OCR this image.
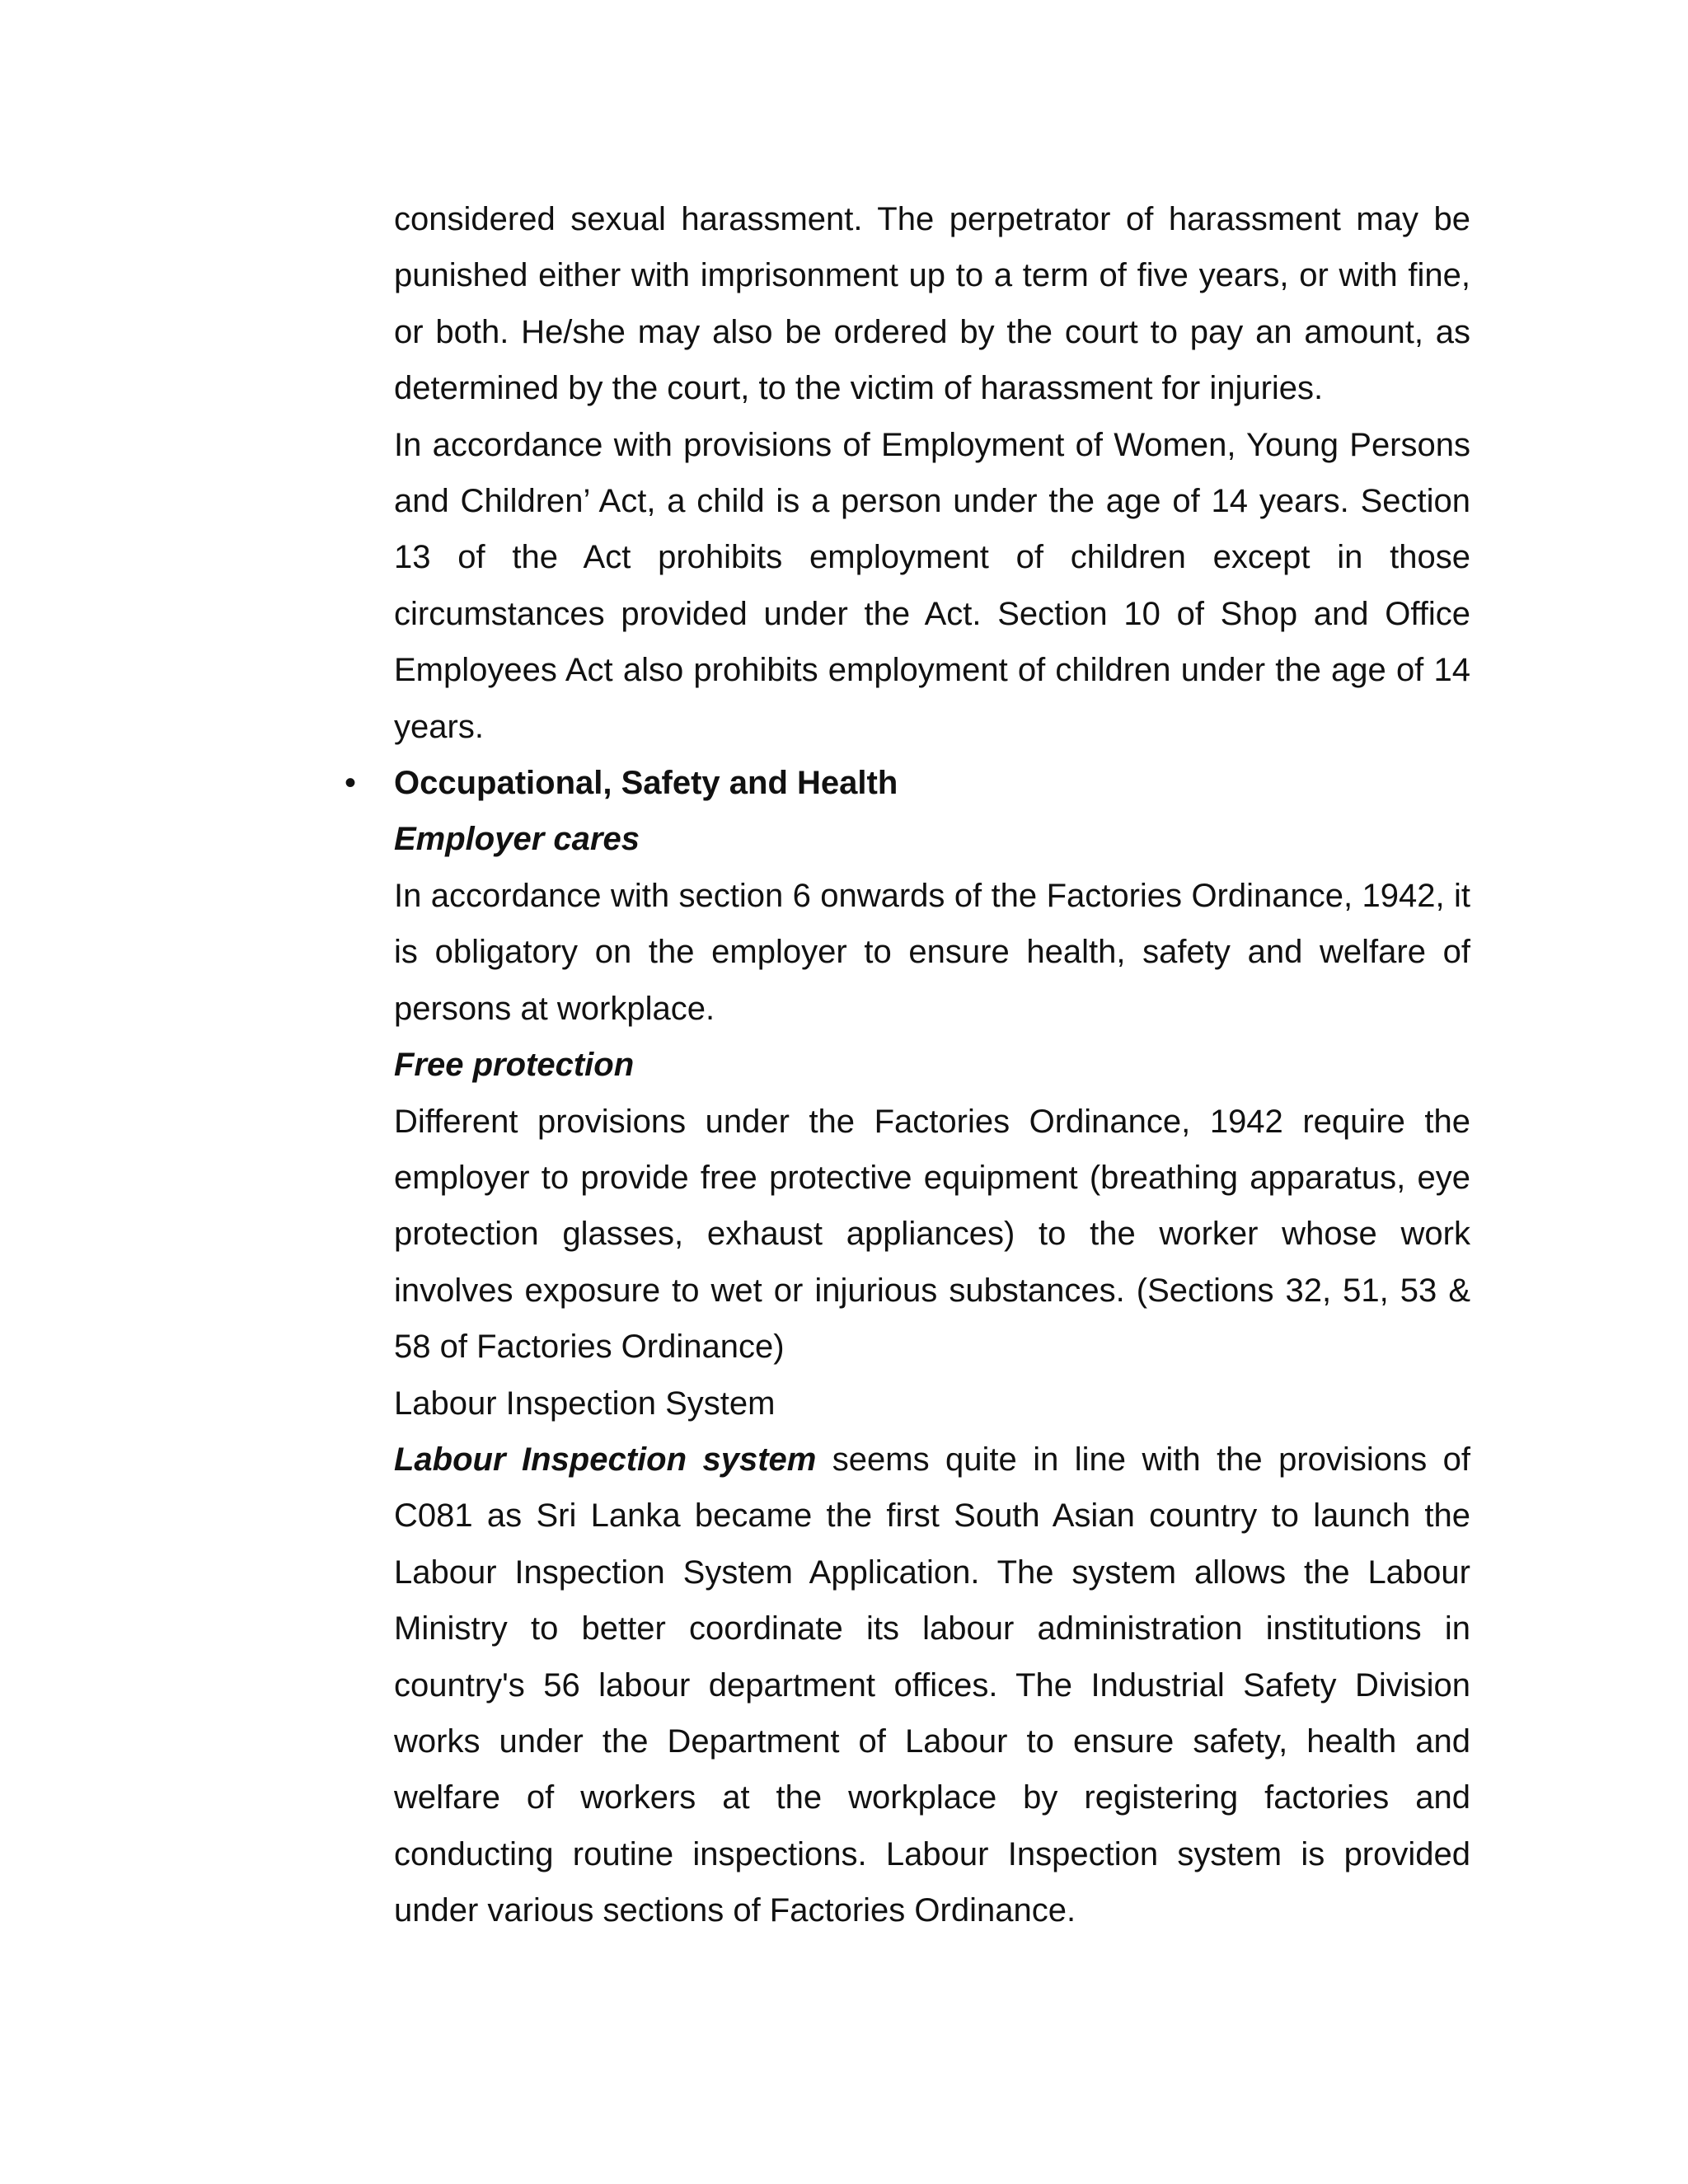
considered sexual harassment. The perpetrator of harassment may be punished either with imprisonment up to a term of five years, or with fine, or both. He/she may also be ordered by the court to pay an amount, as determined by the court, to the victim of harassment for injuries.

In accordance with provisions of Employment of Women, Young Persons and Children’ Act, a child is a person under the age of 14 years. Section 13 of the Act prohibits employment of children except in those circumstances provided under the Act. Section 10 of Shop and Office Employees Act also prohibits employment of children under the age of 14 years.

• Occupational, Safety and Health

Employer cares

In accordance with section 6 onwards of the Factories Ordinance, 1942, it is obligatory on the employer to ensure health, safety and welfare of persons at workplace.

Free protection

Different provisions under the Factories Ordinance, 1942 require the employer to provide free protective equipment (breathing apparatus, eye protection glasses, exhaust appliances) to the worker whose work involves exposure to wet or injurious substances. (Sections 32, 51, 53 & 58 of Factories Ordinance)

Labour Inspection System

Labour Inspection system seems quite in line with the provisions of C081 as Sri Lanka became the first South Asian country to launch the Labour Inspection System Application. The system allows the Labour Ministry to better coordinate its labour administration institutions in country's 56 labour department offices. The Industrial Safety Division works under the Department of Labour to ensure safety, health and welfare of workers at the workplace by registering factories and conducting routine inspections. Labour Inspection system is provided under various sections of Factories Ordinance.
